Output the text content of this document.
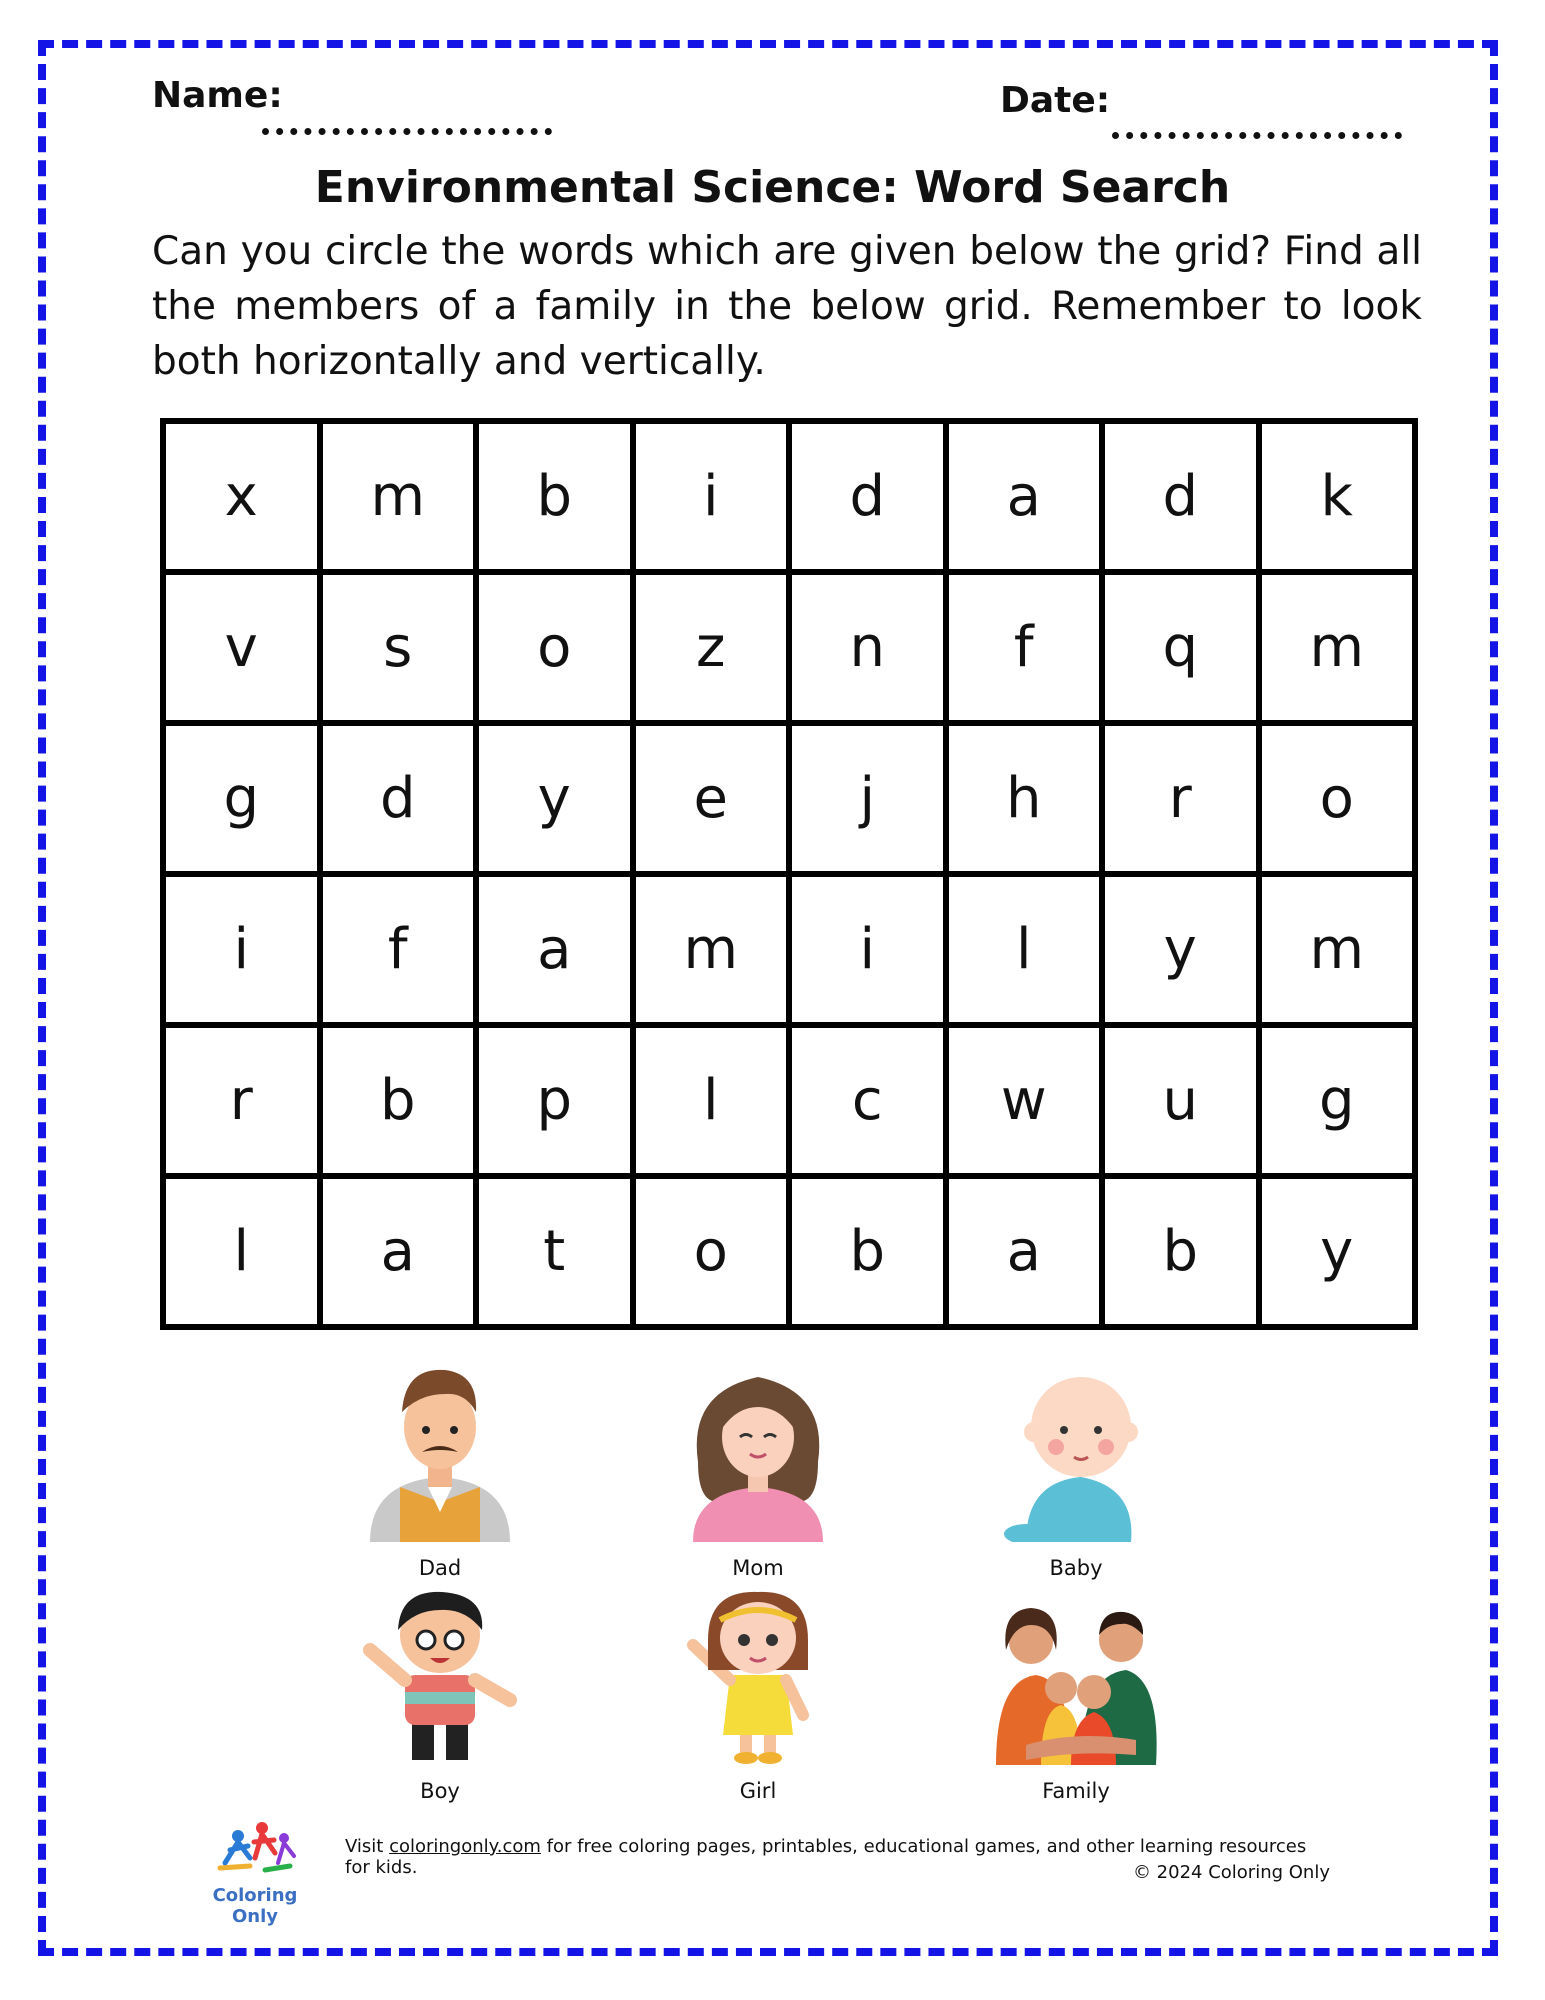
Name:	Date:
Environmental Science: Word Search
Can you circle the words which are given below the grid? Find all the members of a family in the below grid. Remember to look both horizontally and vertically.
x	m	b	i	d	a	d	k
v	s	o	z	n	f	q	m
g	d	y	e	j	h	r	o
i	f	a	m	i	l	y	m
r	b	p	l	c	w	u	g
l	a	t	o	b	a	b	y
Dad	Mom	Baby
Boy	Girl	Family
Coloring Only
Visit coloringonly.com for free coloring pages, printables, educational games, and other learning resources for kids.	© 2024 Coloring Only
